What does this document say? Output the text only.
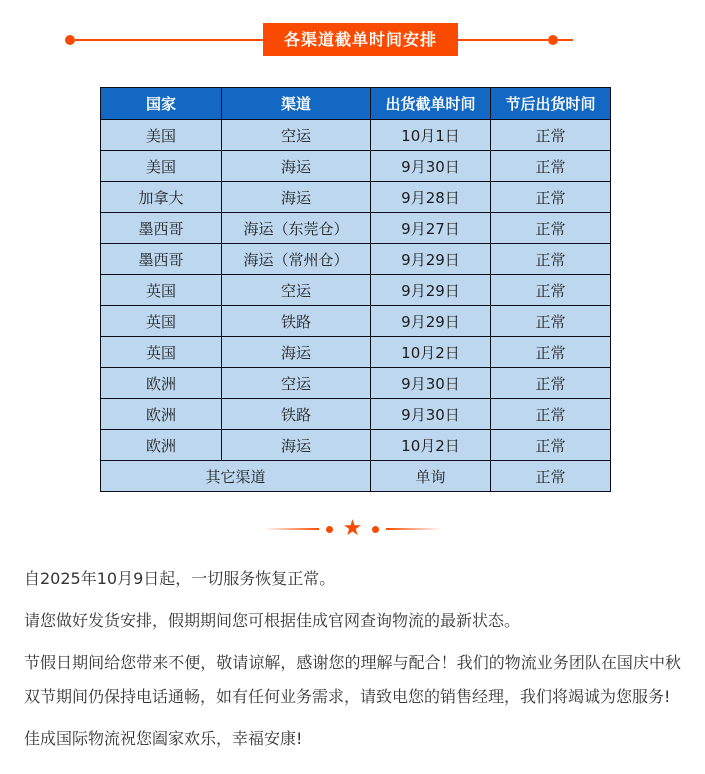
各渠道截单时间安排
国家	渠道	出货截单时间	节后出货时间
美国	空运	10月1日	正常
美国	海运	9月30日	正常
加拿大	海运	9月28日	正常
墨西哥	海运（东莞仓）	9月27日	正常
墨西哥	海运（常州仓）	9月29日	正常
英国	空运	9月29日	正常
英国	铁路	9月29日	正常
英国	海运	10月2日	正常
欧洲	空运	9月30日	正常
欧洲	铁路	9月30日	正常
欧洲	海运	10月2日	正常
其它渠道		单询	正常
★

自2025年10月9日起，一切服务恢复正常。

请您做好发货安排，假期期间您可根据佳成官网查询物流的最新状态。

节假日期间给您带来不便，敬请谅解，感谢您的理解与配合！我们的物流业务团队在国庆中秋双节期间仍保持电话通畅，如有任何业务需求，请致电您的销售经理，我们将竭诚为您服务!

佳成国际物流祝您阖家欢乐，幸福安康!
